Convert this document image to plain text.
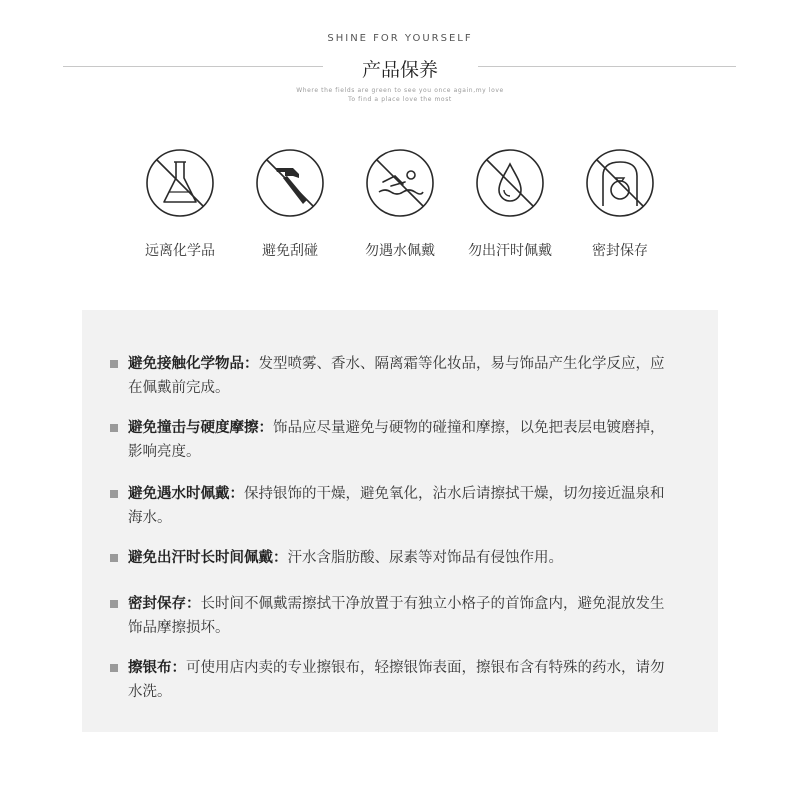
SHINE FOR YOURSELF
产品保养
Where the fields are green to see you once again,my love
To find a place love the most
远离化学品	避免刮碰	勿遇水佩戴	勿出汗时佩戴	密封保存
避免接触化学物品：发型喷雾、香水、隔离霜等化妆品，易与饰品产生化学反应，应
在佩戴前完成。
避免撞击与硬度摩擦：饰品应尽量避免与硬物的碰撞和摩擦，以免把表层电镀磨掉，
影响亮度。
避免遇水时佩戴：保持银饰的干燥，避免氧化，沾水后请擦拭干燥，切勿接近温泉和
海水。
避免出汗时长时间佩戴：汗水含脂肪酸、尿素等对饰品有侵蚀作用。
密封保存：长时间不佩戴需擦拭干净放置于有独立小格子的首饰盒内，避免混放发生
饰品摩擦损坏。
擦银布：可使用店内卖的专业擦银布，轻擦银饰表面，擦银布含有特殊的药水，请勿
水洗。
